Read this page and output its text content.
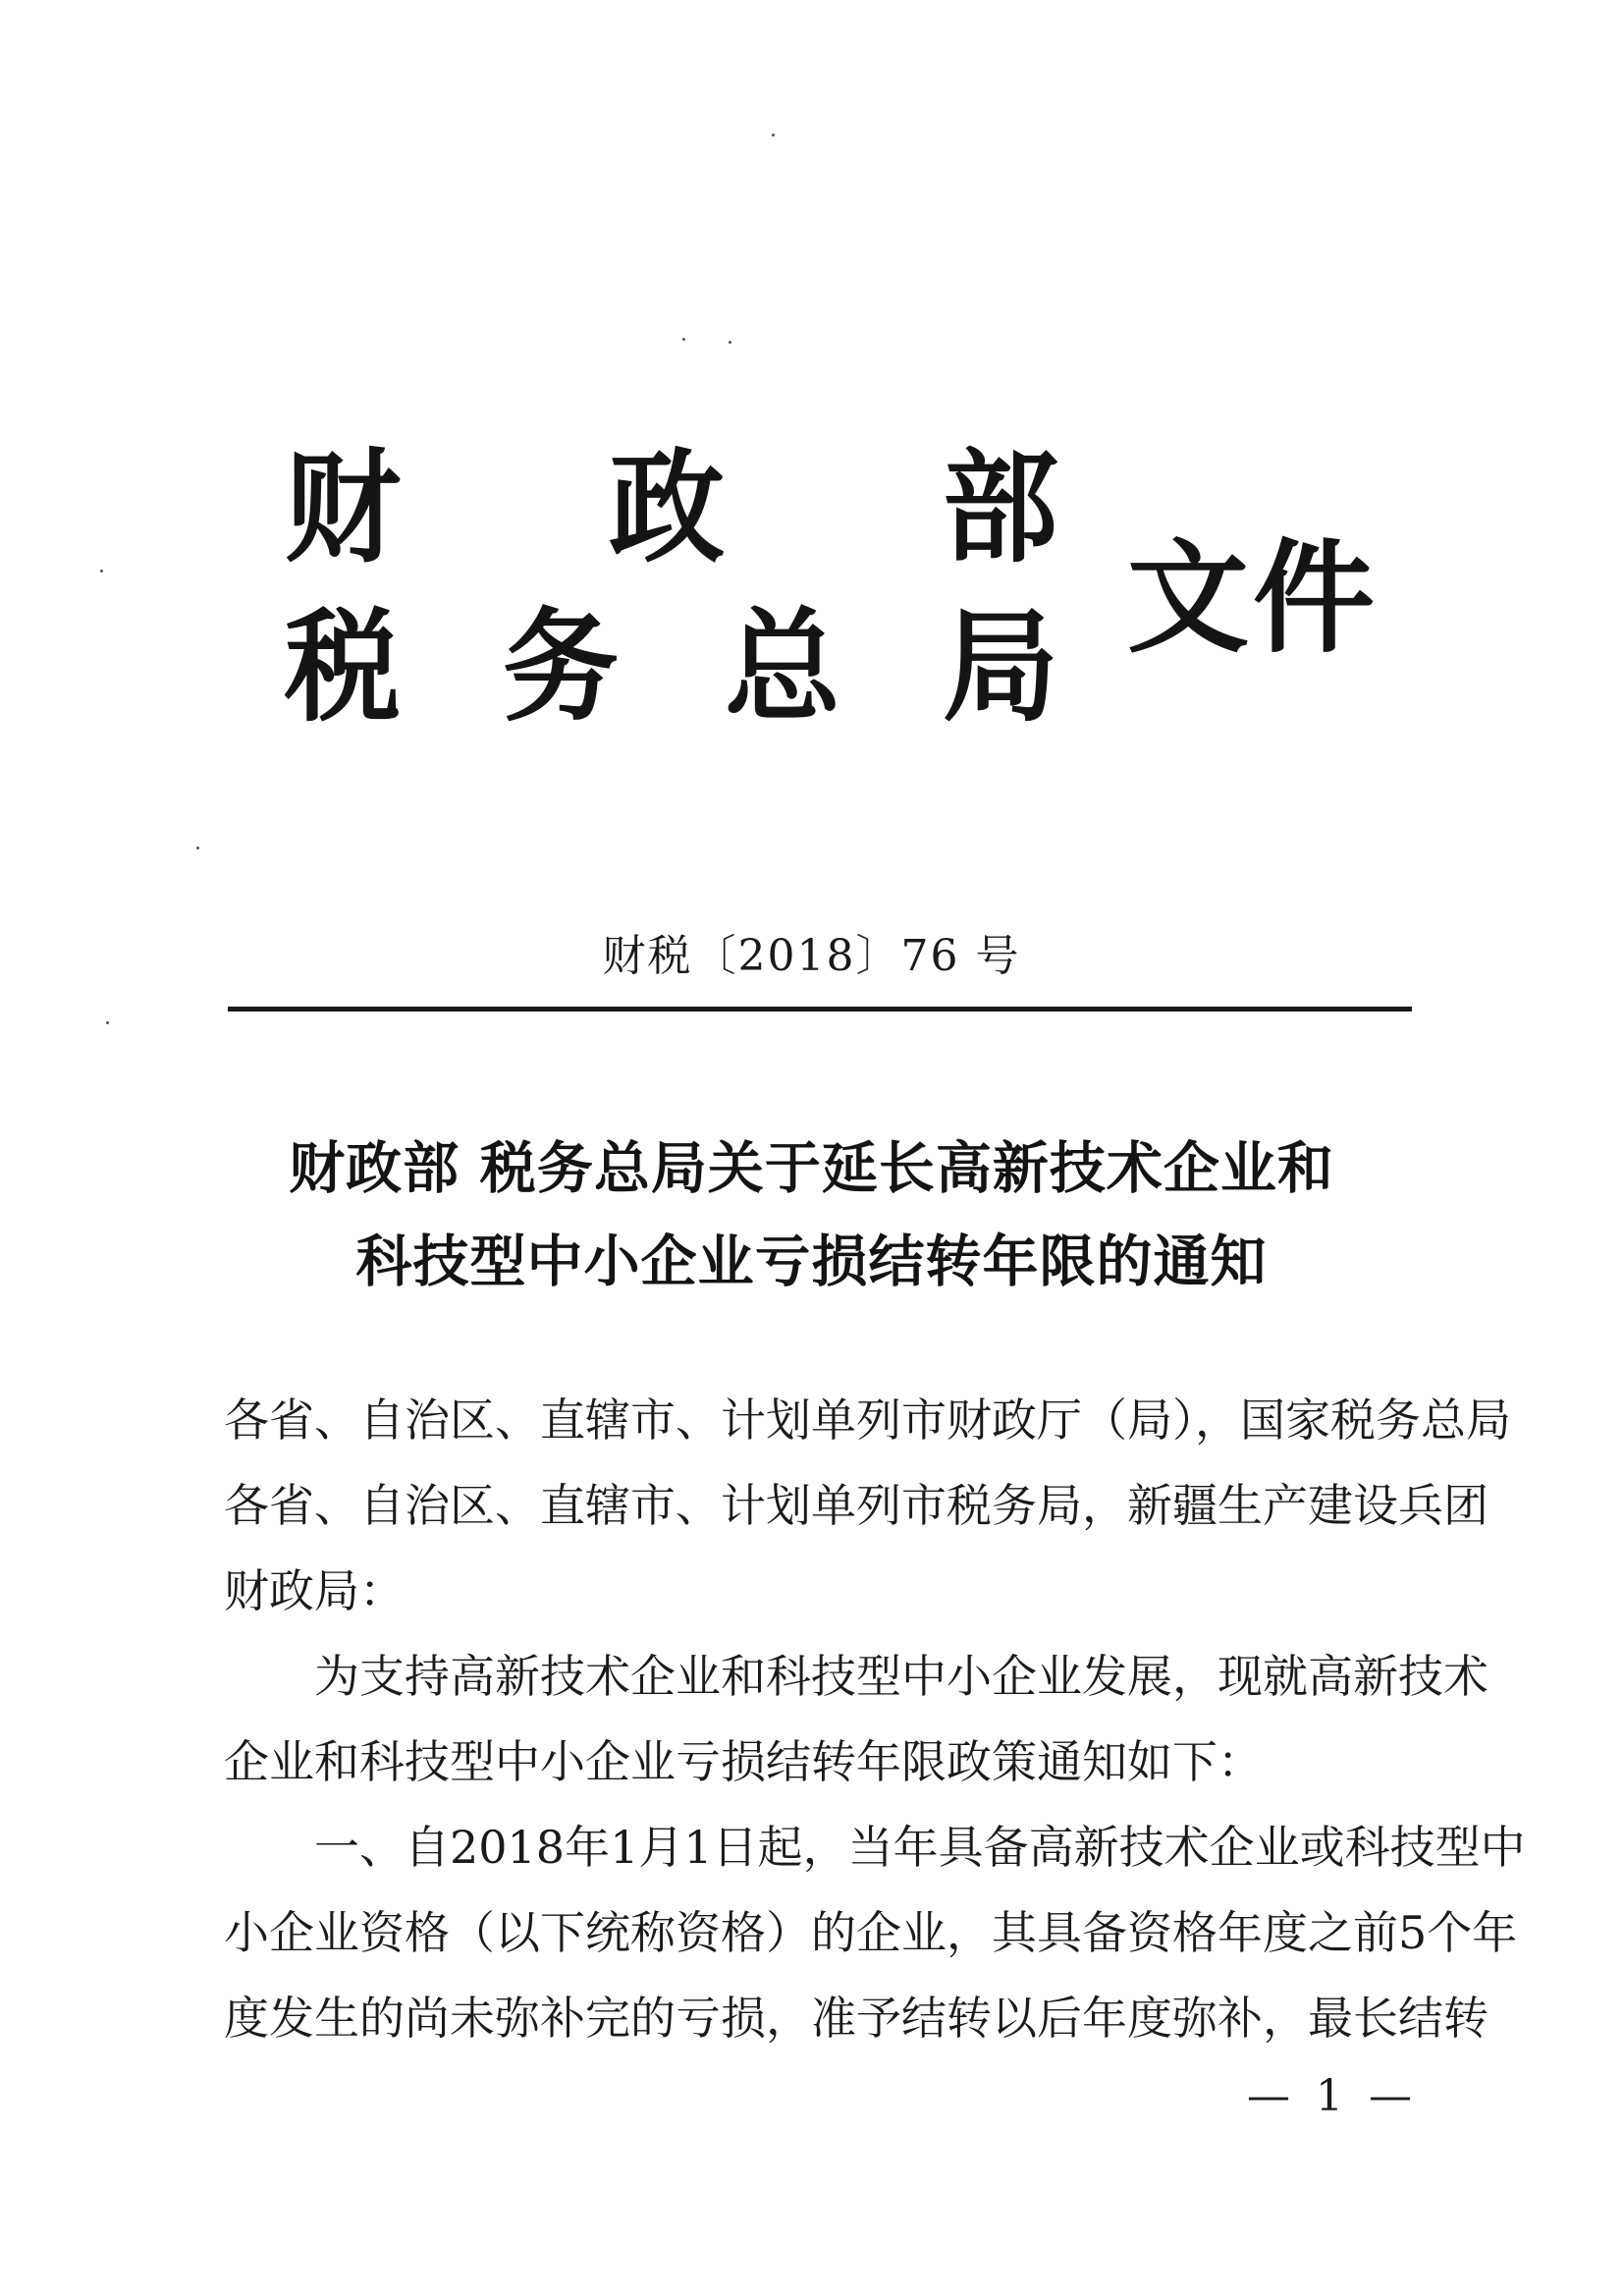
财 政 部
税 务 总 局 文件
财税〔2018〕76 号
财政部 税务总局关于延长高新技术企业和
科技型中小企业亏损结转年限的通知
各省、自治区、直辖市、计划单列市财政厅（局），国家税务总局
各省、自治区、直辖市、计划单列市税务局，新疆生产建设兵团
财政局：
为支持高新技术企业和科技型中小企业发展，现就高新技术
企业和科技型中小企业亏损结转年限政策通知如下：
一、自2018年1月1日起，当年具备高新技术企业或科技型中
小企业资格（以下统称资格）的企业，其具备资格年度之前5个年
度发生的尚未弥补完的亏损，准予结转以后年度弥补，最长结转
— 1 —
